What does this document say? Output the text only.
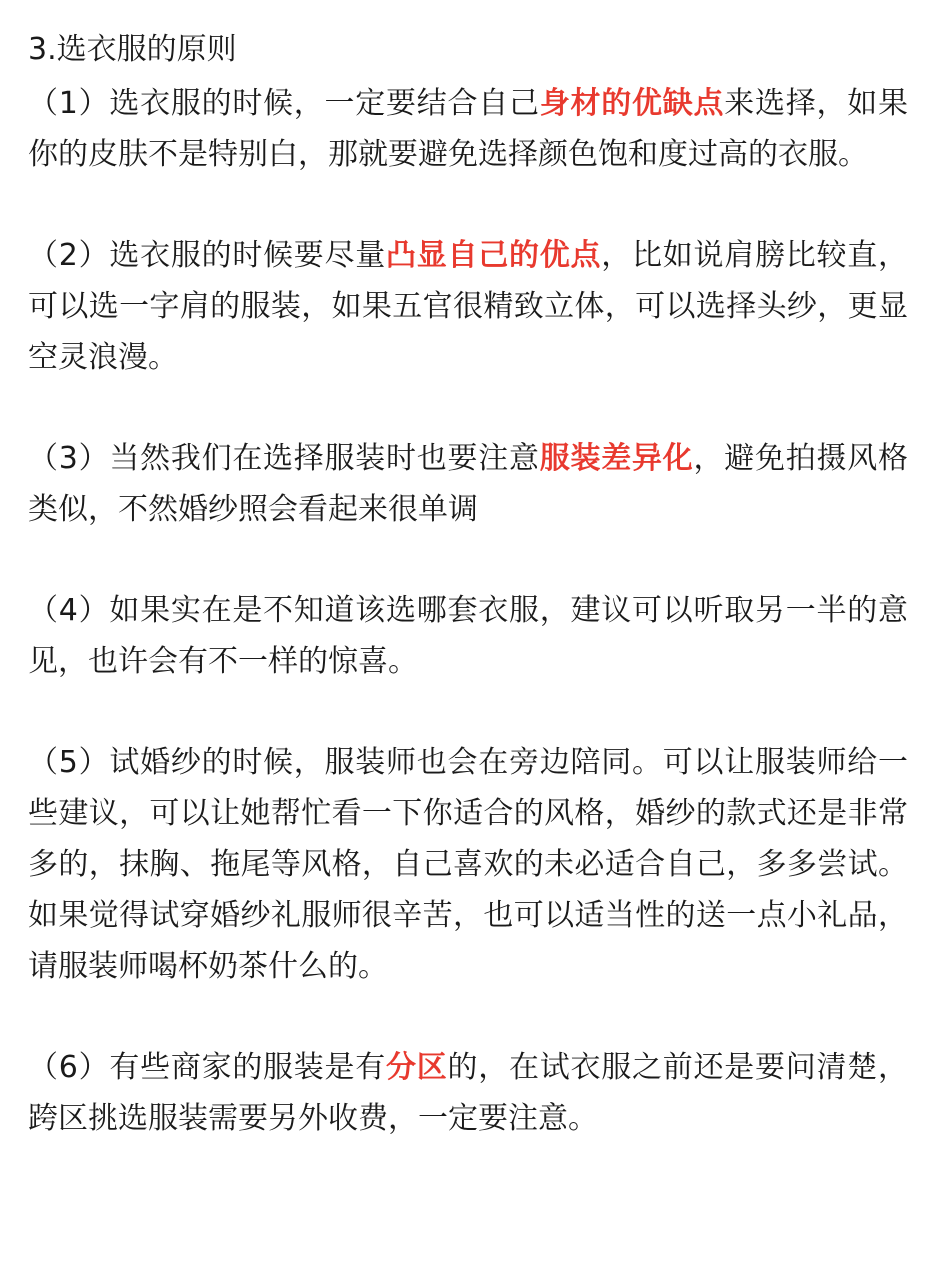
3.选衣服的原则

（1）选衣服的时候，一定要结合自己身材的优缺点来选择，如果你的皮肤不是特别白，那就要避免选择颜色饱和度过高的衣服。

（2）选衣服的时候要尽量凸显自己的优点，比如说肩膀比较直，可以选一字肩的服装，如果五官很精致立体，可以选择头纱，更显空灵浪漫。

（3）当然我们在选择服装时也要注意服装差异化，避免拍摄风格类似，不然婚纱照会看起来很单调

（4）如果实在是不知道该选哪套衣服，建议可以听取另一半的意见，也许会有不一样的惊喜。

（5）试婚纱的时候，服装师也会在旁边陪同。可以让服装师给一些建议，可以让她帮忙看一下你适合的风格，婚纱的款式还是非常多的，抹胸、拖尾等风格，自己喜欢的未必适合自己，多多尝试。如果觉得试穿婚纱礼服师很辛苦，也可以适当性的送一点小礼品，请服装师喝杯奶茶什么的。

（6）有些商家的服装是有分区的，在试衣服之前还是要问清楚，跨区挑选服装需要另外收费，一定要注意。
